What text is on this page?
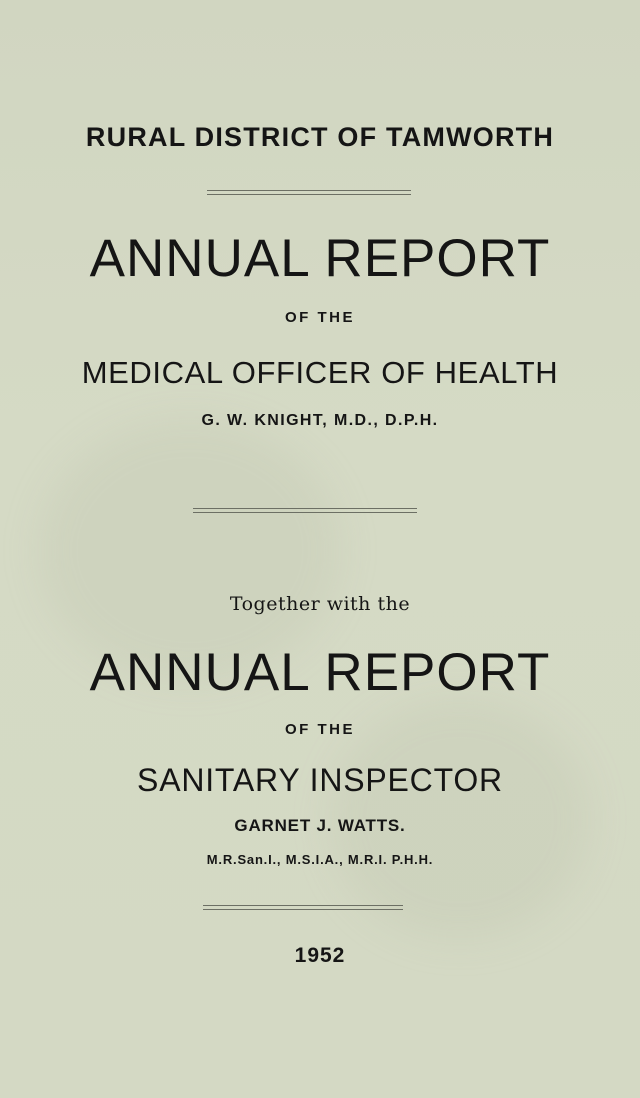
RURAL DISTRICT OF TAMWORTH

ANNUAL REPORT

OF THE

MEDICAL OFFICER OF HEALTH

G. W. KNIGHT, M.D., D.P.H.

Together with the

ANNUAL REPORT

OF THE

SANITARY INSPECTOR

GARNET J. WATTS.

M.R.San.I., M.S.I.A., M.R.I. P.H.H.

1952
